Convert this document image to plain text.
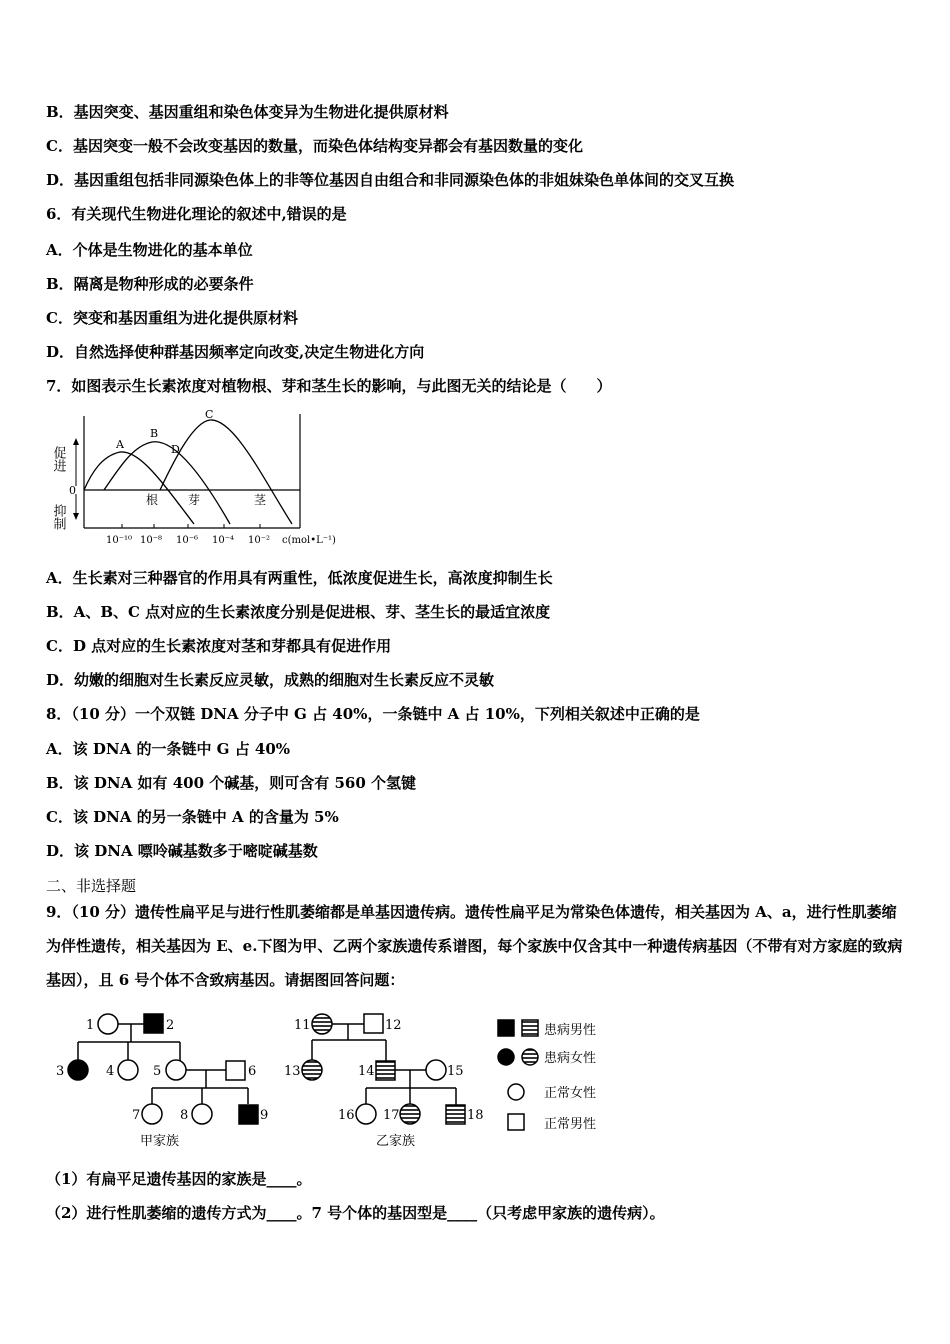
B．基因突变、基因重组和染色体变异为生物进化提供原材料
C．基因突变一般不会改变基因的数量，而染色体结构变异都会有基因数量的变化
D．基因重组包括非同源染色体上的非等位基因自由组合和非同源染色体的非姐妹染色单体间的交叉互换
6．有关现代生物进化理论的叙述中,错误的是
A．个体是生物进化的基本单位
B．隔离是物种形成的必要条件
C．突变和基因重组为进化提供原材料
D．自然选择使种群基因频率定向改变,决定生物进化方向
7．如图表示生长素浓度对植物根、芽和茎生长的影响，与此图无关的结论是（　　）
促进
抑制
0
A
B
C
D
根 芽	茎
10⁻¹⁰ 10⁻⁸ 10⁻⁶ 10⁻⁴ 10⁻² c(mol•L⁻¹)
A．生长素对三种器官的作用具有两重性，低浓度促进生长，高浓度抑制生长
B．A、B、C 点对应的生长素浓度分别是促进根、芽、茎生长的最适宜浓度
C．D 点对应的生长素浓度对茎和芽都具有促进作用
D．幼嫩的细胞对生长素反应灵敏，成熟的细胞对生长素反应不灵敏
8．（10 分）一个双链 DNA 分子中 G 占 40%，一条链中 A 占 10%，下列相关叙述中正确的是
A．该 DNA 的一条链中 G 占 40%
B．该 DNA 如有 400 个碱基，则可含有 560 个氢键
C．该 DNA 的另一条链中 A 的含量为 5%
D．该 DNA 嘌呤碱基数多于嘧啶碱基数
二、非选择题
9．（10 分）遗传性扁平足与进行性肌萎缩都是单基因遗传病。遗传性扁平足为常染色体遗传，相关基因为 A、a，进行性肌萎缩为伴性遗传，相关基因为 E、e.下图为甲、乙两个家族遗传系谱图，每个家族中仅含其中一种遗传病基因（不带有对方家庭的致病基因），且 6 号个体不含致病基因。请据图回答问题：
1	2
3	4	5	6
7	8	9
11	12
13	14	15
16 17	18
甲家族	乙家族
患病男性
患病女性
正常女性
正常男性
（1）有扁平足遗传基因的家族是____。
（2）进行性肌萎缩的遗传方式为____。7 号个体的基因型是____（只考虑甲家族的遗传病）。
